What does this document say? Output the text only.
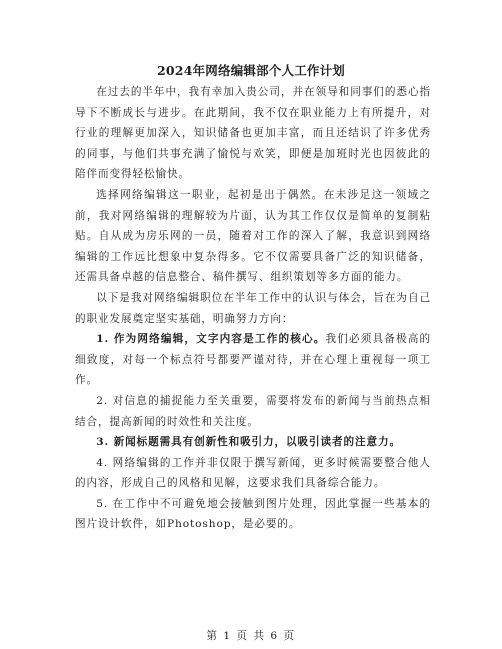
2024年网络编辑部个人工作计划

在过去的半年中，我有幸加入贵公司，并在领导和同事们的悉心指导下不断成长与进步。在此期间，我不仅在职业能力上有所提升，对行业的理解更加深入，知识储备也更加丰富，而且还结识了许多优秀的同事，与他们共事充满了愉悦与欢笑，即便是加班时光也因彼此的陪伴而变得轻松愉快。

选择网络编辑这一职业，起初是出于偶然。在未涉足这一领域之前，我对网络编辑的理解较为片面，认为其工作仅仅是简单的复制粘贴。自从成为房乐网的一员，随着对工作的深入了解，我意识到网络编辑的工作远比想象中复杂得多。它不仅需要具备广泛的知识储备，还需具备卓越的信息整合、稿件撰写、组织策划等多方面的能力。

以下是我对网络编辑职位在半年工作中的认识与体会，旨在为自己的职业发展奠定坚实基础，明确努力方向：

1. 作为网络编辑，文字内容是工作的核心。我们必须具备极高的细致度，对每一个标点符号都要严谨对待，并在心理上重视每一项工作。

2. 对信息的捕捉能力至关重要，需要将发布的新闻与当前热点相结合，提高新闻的时效性和关注度。

3. 新闻标题需具有创新性和吸引力，以吸引读者的注意力。

4. 网络编辑的工作并非仅限于撰写新闻，更多时候需要整合他人的内容，形成自己的风格和见解，这要求我们具备综合能力。

5. 在工作中不可避免地会接触到图片处理，因此掌握一些基本的图片设计软件，如Photoshop，是必要的。

第 1 页 共 6 页
